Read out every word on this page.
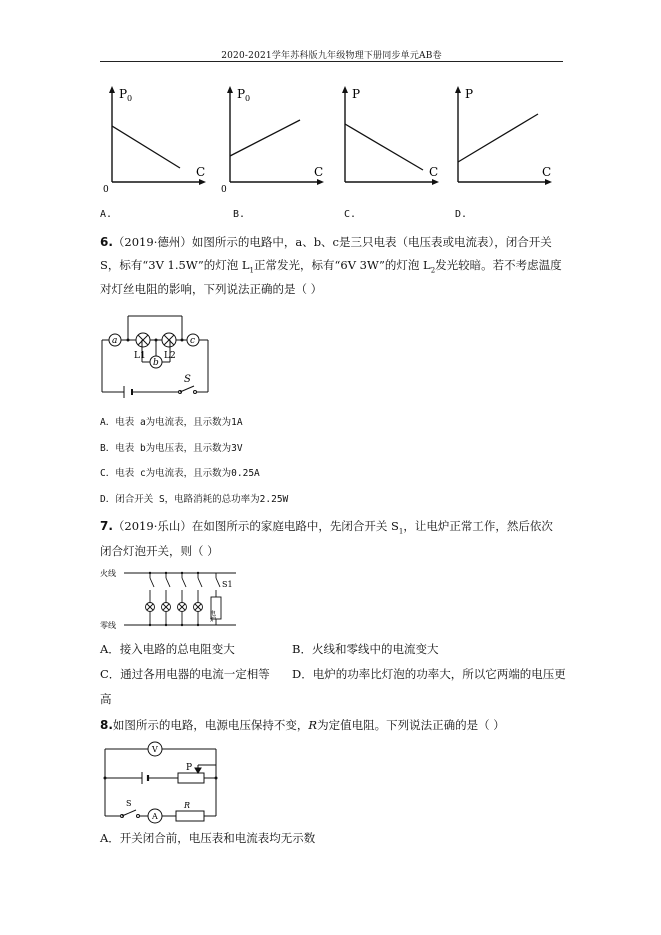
2020-2021学年苏科版九年级物理下册同步单元AB卷
P 0
C
0
P 0
C
0
P
C
P
C
A.	B.	C.	D.
6.（2019·德州）如图所示的电路中，a、b、c是三只电表（电压表或电流表），闭合开关
S，标有“3V 1.5W”的灯泡 $L_1$正常发光，标有“6V 3W”的灯泡 $L_2$发光较暗。若不考虑温度
对灯丝电阻的影响，下列说法正确的是（ ）
a
b
c
L1 L2
S
A．电表 a为电流表，且示数为1A
B．电表 b为电压表，且示数为3V
C．电表 c为电流表，且示数为0.25A
D．闭合开关 S，电路消耗的总功率为2.25W
7.（2019·乐山）在如图所示的家庭电路中，先闭合开关 $S_1$，让电炉正常工作，然后依次
闭合灯泡开关，则（ ）
火线
零线
S1
电炉
A．接入电路的总电阻变大	B．火线和零线中的电流变大
C．通过各用电器的电流一定相等 D．电炉的功率比灯泡的功率大，所以它两端的电压更
高
8.如图所示的电路，电源电压保持不变，R为定值电阻。下列说法正确的是（ ）
V
A
P
S	R
A．开关闭合前，电压表和电流表均无示数
